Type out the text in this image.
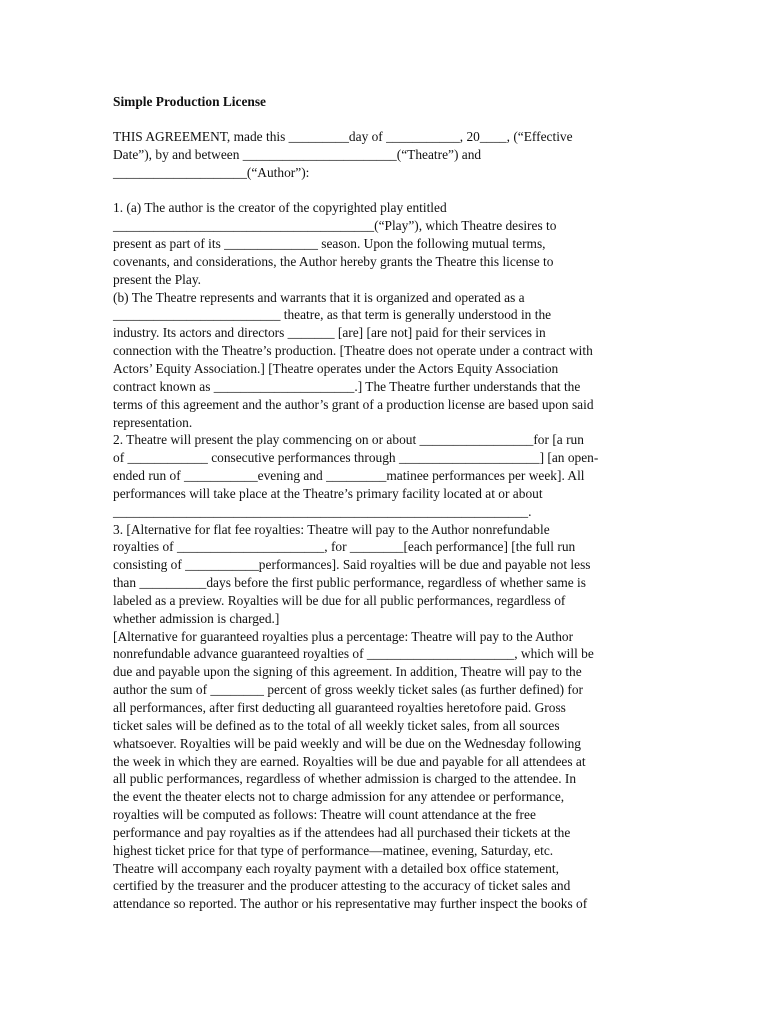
Simple Production License
THIS AGREEMENT, made this _________day of ___________, 20____, (“Effective
Date”), by and between _______________________(“Theatre”) and
____________________(“Author”):
1. (a) The author is the creator of the copyrighted play entitled
_______________________________________(“Play”), which Theatre desires to
present as part of its ______________ season. Upon the following mutual terms,
covenants, and considerations, the Author hereby grants the Theatre this license to
present the Play.
(b) The Theatre represents and warrants that it is organized and operated as a
_________________________ theatre, as that term is generally understood in the
industry. Its actors and directors _______ [are] [are not] paid for their services in
connection with the Theatre’s production. [Theatre does not operate under a contract with
Actors’ Equity Association.] [Theatre operates under the Actors Equity Association
contract known as _____________________.] The Theatre further understands that the
terms of this agreement and the author’s grant of a production license are based upon said
representation.
2. Theatre will present the play commencing on or about _________________for [a run
of ____________ consecutive performances through _____________________] [an open-
ended run of ___________evening and _________matinee performances per week]. All
performances will take place at the Theatre’s primary facility located at or about
______________________________________________________________.
3. [Alternative for flat fee royalties: Theatre will pay to the Author nonrefundable
royalties of ______________________, for ________[each performance] [the full run
consisting of ___________performances]. Said royalties will be due and payable not less
than __________days before the first public performance, regardless of whether same is
labeled as a preview. Royalties will be due for all public performances, regardless of
whether admission is charged.]
[Alternative for guaranteed royalties plus a percentage: Theatre will pay to the Author
nonrefundable advance guaranteed royalties of ______________________, which will be
due and payable upon the signing of this agreement. In addition, Theatre will pay to the
author the sum of ________ percent of gross weekly ticket sales (as further defined) for
all performances, after first deducting all guaranteed royalties heretofore paid. Gross
ticket sales will be defined as to the total of all weekly ticket sales, from all sources
whatsoever. Royalties will be paid weekly and will be due on the Wednesday following
the week in which they are earned. Royalties will be due and payable for all attendees at
all public performances, regardless of whether admission is charged to the attendee. In
the event the theater elects not to charge admission for any attendee or performance,
royalties will be computed as follows: Theatre will count attendance at the free
performance and pay royalties as if the attendees had all purchased their tickets at the
highest ticket price for that type of performance—matinee, evening, Saturday, etc.
Theatre will accompany each royalty payment with a detailed box office statement,
certified by the treasurer and the producer attesting to the accuracy of ticket sales and
attendance so reported. The author or his representative may further inspect the books of
